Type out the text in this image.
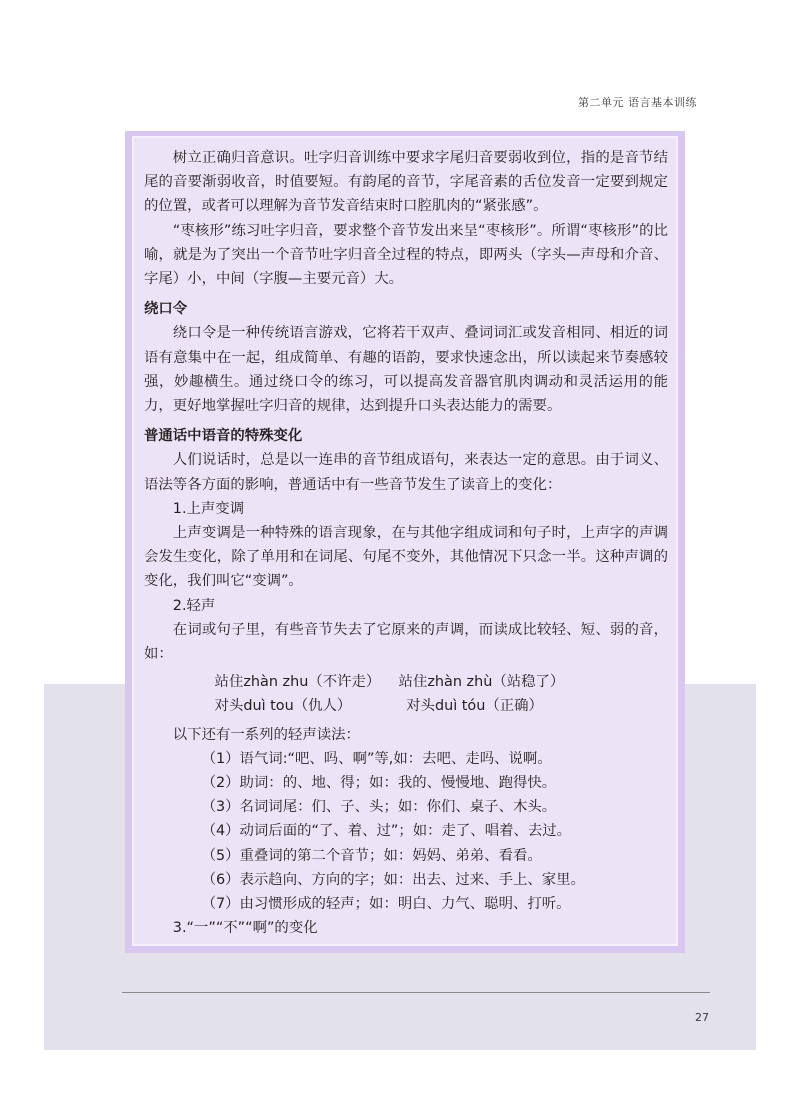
第二单元 语言基本训练

树立正确归音意识。吐字归音训练中要求字尾归音要弱收到位，指的是音节结尾的音要渐弱收音，时值要短。有韵尾的音节，字尾音素的舌位发音一定要到规定的位置，或者可以理解为音节发音结束时口腔肌肉的“紧张感”。

“枣核形”练习吐字归音，要求整个音节发出来呈“枣核形”。所谓“枣核形”的比喻，就是为了突出一个音节吐字归音全过程的特点，即两头（字头—声母和介音、字尾）小，中间（字腹—主要元音）大。

绕口令

绕口令是一种传统语言游戏，它将若干双声、叠词词汇或发音相同、相近的词语有意集中在一起，组成简单、有趣的语韵，要求快速念出，所以读起来节奏感较强，妙趣横生。通过绕口令的练习，可以提高发音器官肌肉调动和灵活运用的能力，更好地掌握吐字归音的规律，达到提升口头表达能力的需要。

普通话中语音的特殊变化

人们说话时，总是以一连串的音节组成语句，来表达一定的意思。由于词义、语法等各方面的影响，普通话中有一些音节发生了读音上的变化：

1.上声变调

上声变调是一种特殊的语言现象，在与其他字组成词和句子时，上声字的声调会发生变化，除了单用和在词尾、句尾不变外，其他情况下只念一半。这种声调的变化，我们叫它“变调”。

2.轻声

在词或句子里，有些音节失去了它原来的声调，而读成比较轻、短、弱的音，如：

站住zhàn zhu（不许走）    站住zhàn zhù（站稳了）

对头duì tou（仇人）            对头duì tóu（正确）

以下还有一系列的轻声读法：

（1）语气词:“吧、吗、啊”等,如：去吧、走吗、说啊。

（2）助词：的、地、得；如：我的、慢慢地、跑得快。

（3）名词词尾：们、子、头；如：你们、桌子、木头。

（4）动词后面的“了、着、过”；如：走了、唱着、去过。

（5）重叠词的第二个音节；如：妈妈、弟弟、看看。

（6）表示趋向、方向的字；如：出去、过来、手上、家里。

（7）由习惯形成的轻声；如：明白、力气、聪明、打听。

3.“一”“不”“啊”的变化

27
